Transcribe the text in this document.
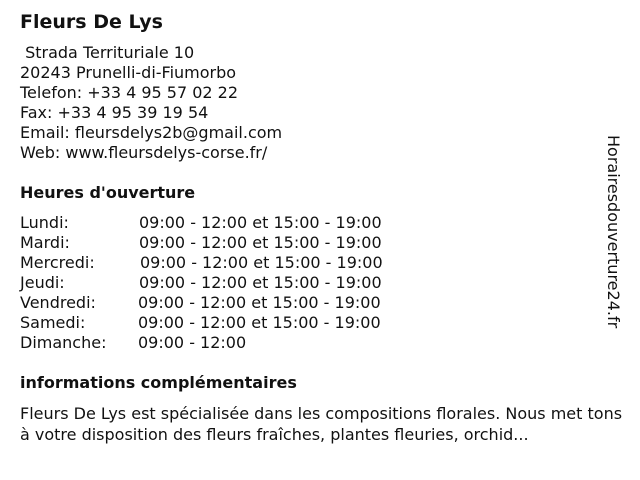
Fleurs De Lys
Strada Territuriale 10
20243 Prunelli-di-Fiumorbo
Telefon: +33 4 95 57 02 22
Fax: +33 4 95 39 19 54
Email: fleursdelys2b@gmail.com
Web: www.fleursdelys-corse.fr/
Heures d'ouverture
Lundi:	09:00 - 12:00 et 15:00 - 19:00
Mardi:	09:00 - 12:00 et 15:00 - 19:00
Mercredi:	09:00 - 12:00 et 15:00 - 19:00
Jeudi:	09:00 - 12:00 et 15:00 - 19:00
Vendredi:	09:00 - 12:00 et 15:00 - 19:00
Samedi:	09:00 - 12:00 et 15:00 - 19:00
Dimanche:	09:00 - 12:00
informations complémentaires

Fleurs De Lys est spécialisée dans les compositions florales. Nous met tons à votre disposition des fleurs fraîches, plantes fleuries, orchid...

Horairesdouverture24.fr
